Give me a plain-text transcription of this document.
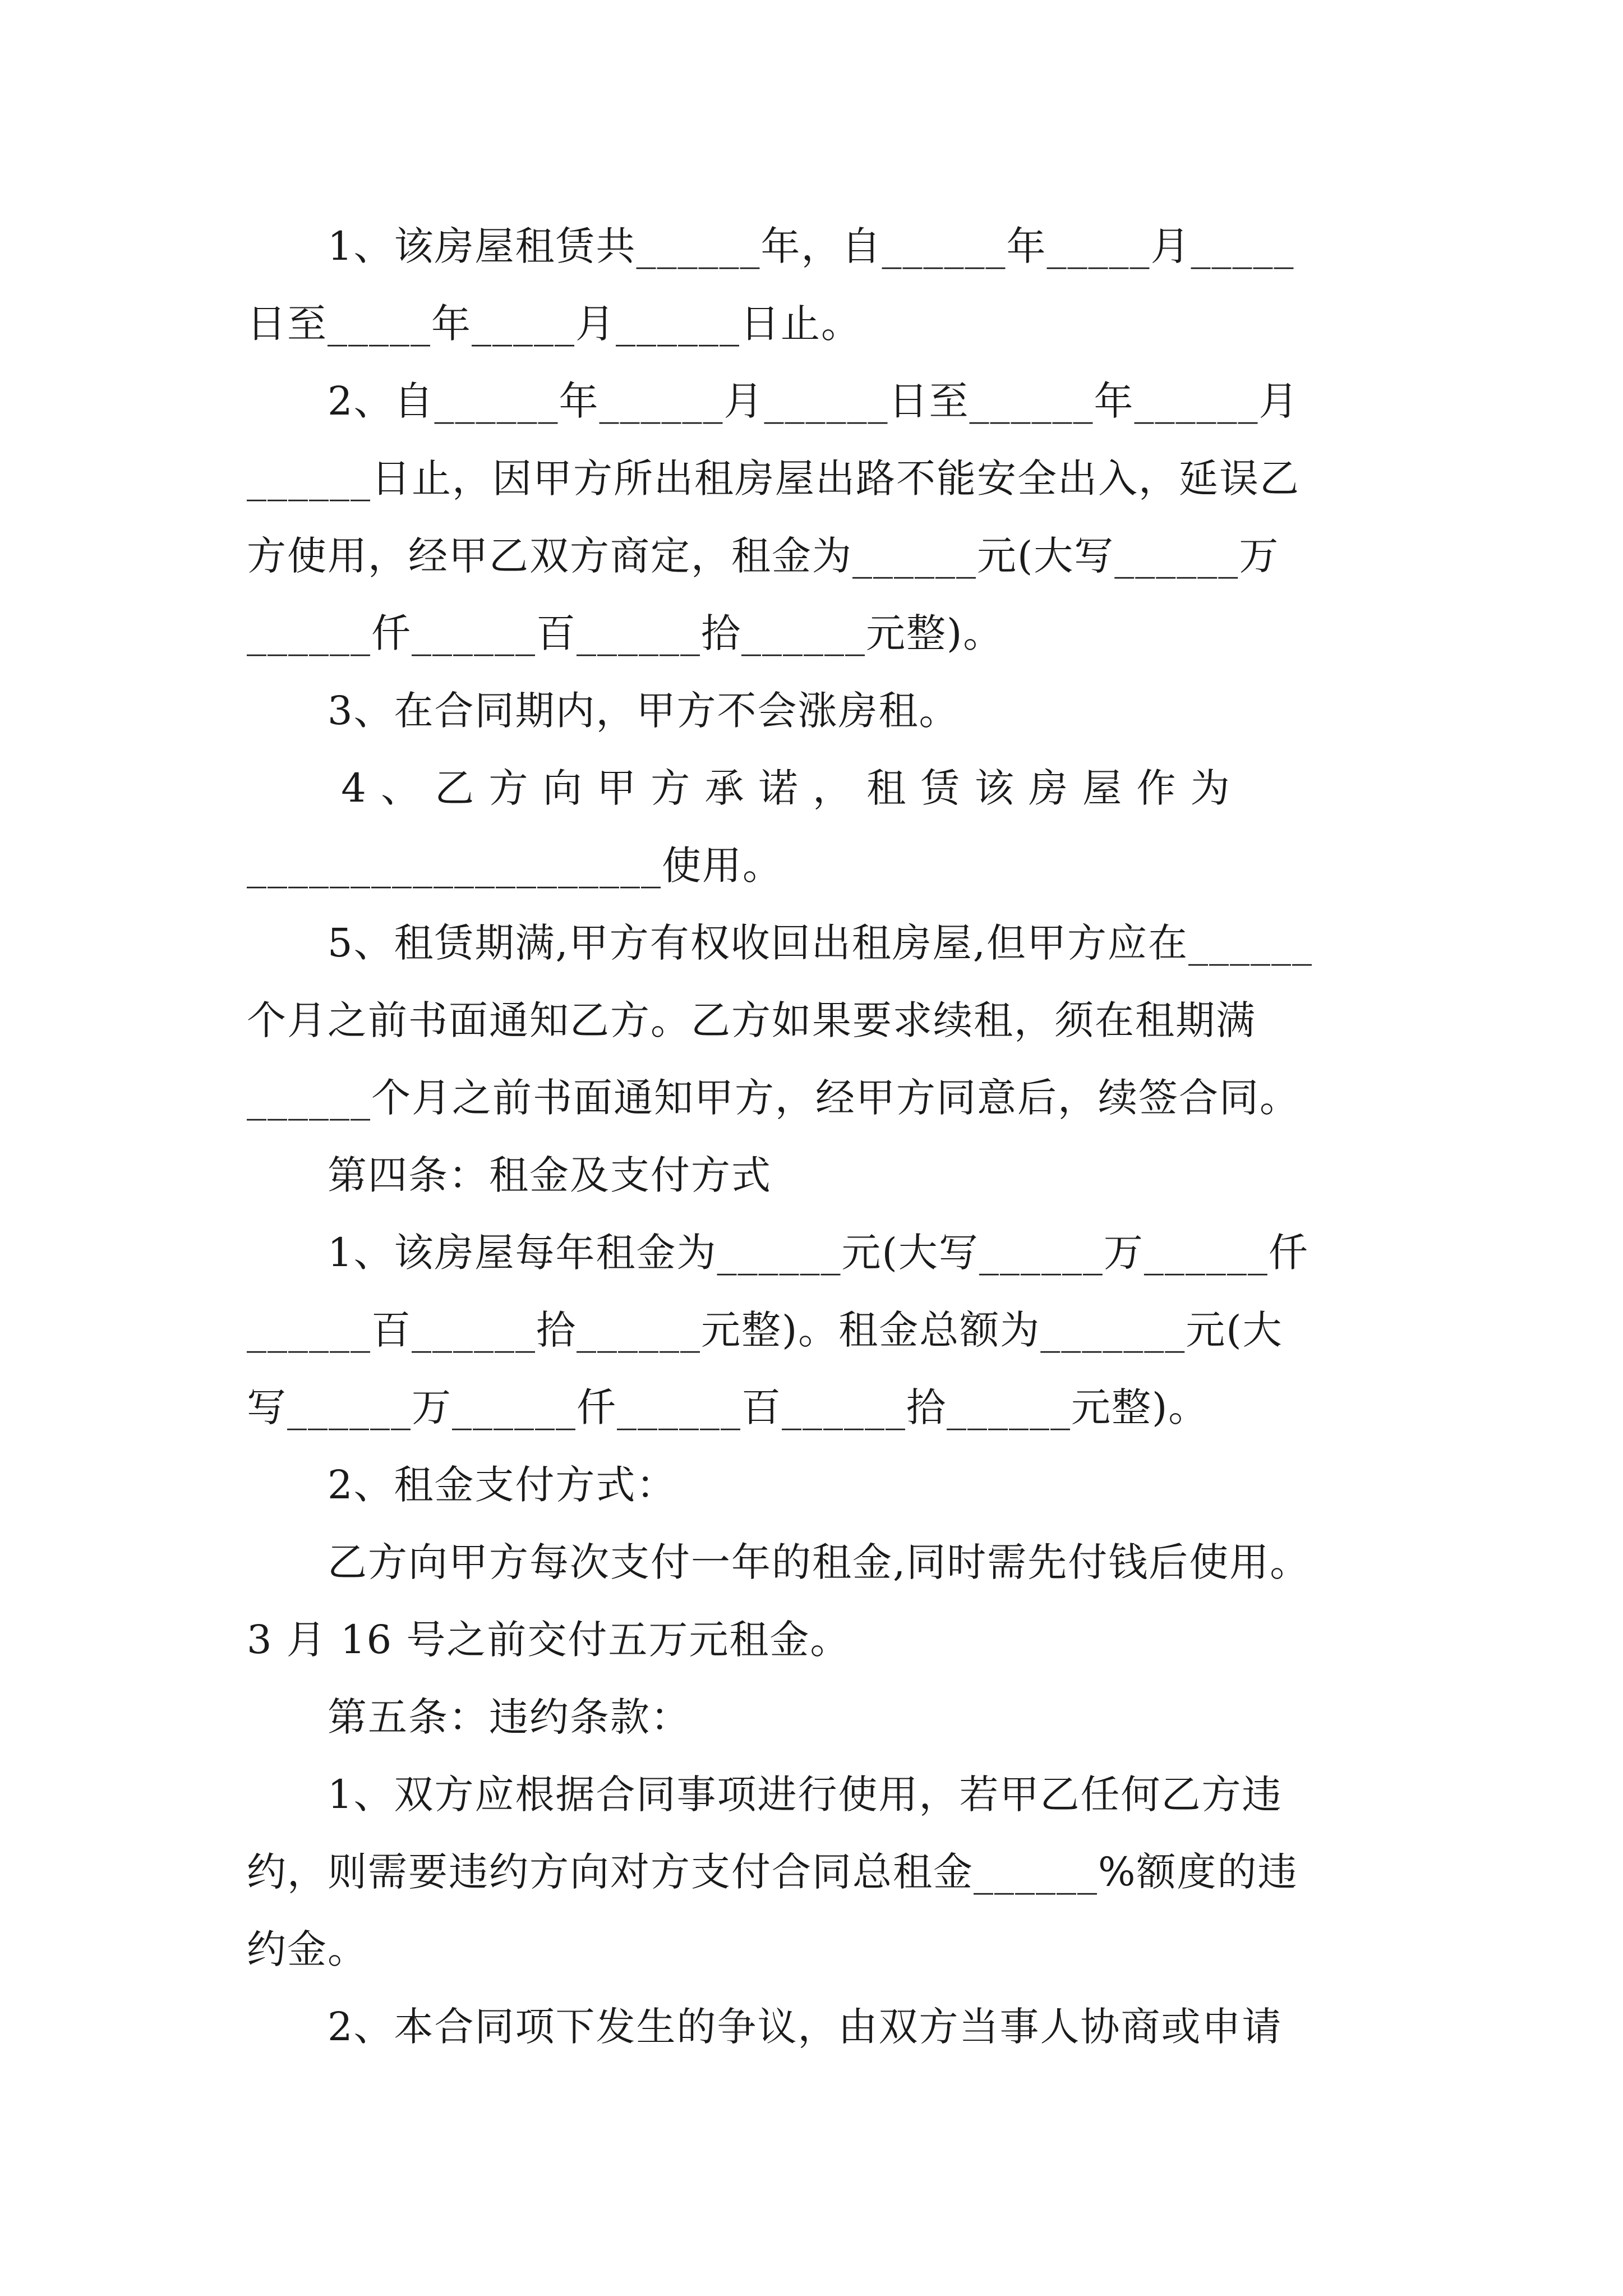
　　1、该房屋租赁共______年，自______年_____月_____

日至_____年_____月______日止。

　　2、自______年______月______日至______年______月

______日止，因甲方所出租房屋出路不能安全出入，延误乙

方使用，经甲乙双方商定，租金为______元(大写______万

______仟______百______拾______元整)。

　　3、在合同期内，甲方不会涨房租。

　　 4 、 乙 方 向 甲 方 承 诺 ， 租 赁 该 房 屋 作 为

____________________使用。

　　5、租赁期满,甲方有权收回出租房屋,但甲方应在______

个月之前书面通知乙方。乙方如果要求续租，须在租期满

______个月之前书面通知甲方，经甲方同意后，续签合同。

　　第四条：租金及支付方式

　　1、该房屋每年租金为______元(大写______万______仟

______百______拾______元整)。租金总额为_______元(大

写______万______仟______百______拾______元整)。

　　2、租金支付方式：

　　乙方向甲方每次支付一年的租金,同时需先付钱后使用。

3 月 16 号之前交付五万元租金。

　　第五条：违约条款：

　　1、双方应根据合同事项进行使用，若甲乙任何乙方违

约，则需要违约方向对方支付合同总租金______%额度的违

约金。

　　2、本合同项下发生的争议，由双方当事人协商或申请
